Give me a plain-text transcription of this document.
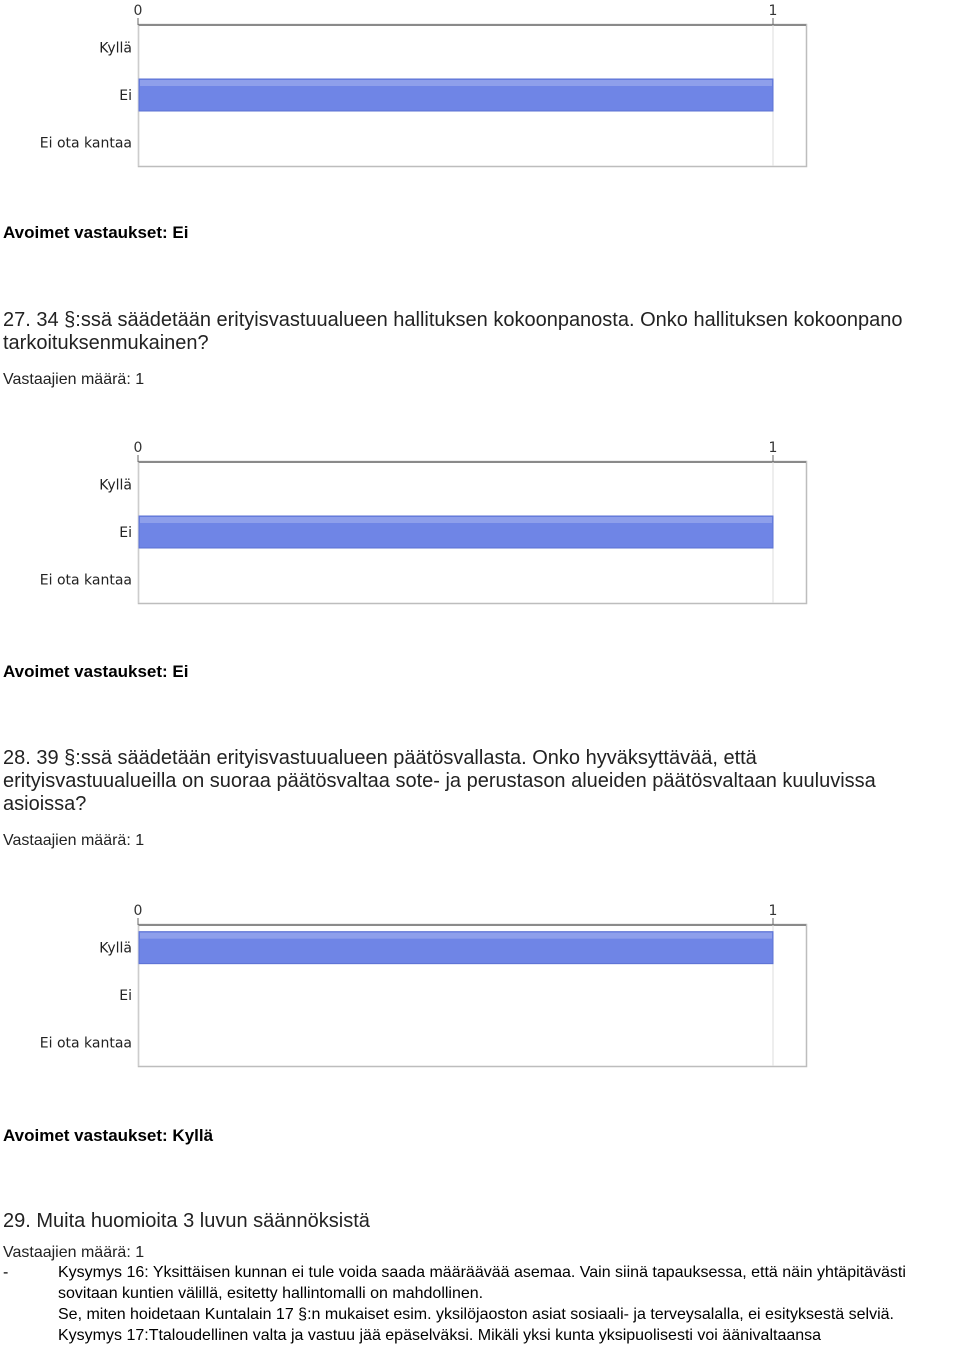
0	1
Kyllä
Ei
Ei ota kantaa
Avoimet vastaukset: Ei
27. 34 §:ssä säädetään erityisvastuualueen hallituksen kokoonpanosta. Onko hallituksen kokoonpano tarkoituksenmukainen?
Vastaajien määrä: 1
0	1
Kyllä
Ei
Ei ota kantaa
Avoimet vastaukset: Ei
28. 39 §:ssä säädetään erityisvastuualueen päätösvallasta. Onko hyväksyttävää, että erityisvastuualueilla on suoraa päätösvaltaa sote- ja perustason alueiden päätösvaltaan kuuluvissa asioissa?
Vastaajien määrä: 1
0	1
Kyllä
Ei
Ei ota kantaa
Avoimet vastaukset: Kyllä
29. Muita huomioita 3 luvun säännöksistä
Vastaajien määrä: 1
-	Kysymys 16: Yksittäisen kunnan ei tule voida saada määräävää asemaa. Vain siinä tapauksessa, että näin yhtäpitävästi sovitaan kuntien välillä, esitetty hallintomalli on mahdollinen.
Se, miten hoidetaan Kuntalain 17 §:n mukaiset esim. yksilöjaoston asiat sosiaali- ja terveysalalla, ei esityksestä selviä.
Kysymys 17:Ttaloudellinen valta ja vastuu jää epäselväksi. Mikäli yksi kunta yksipuolisesti voi äänivaltaansa
